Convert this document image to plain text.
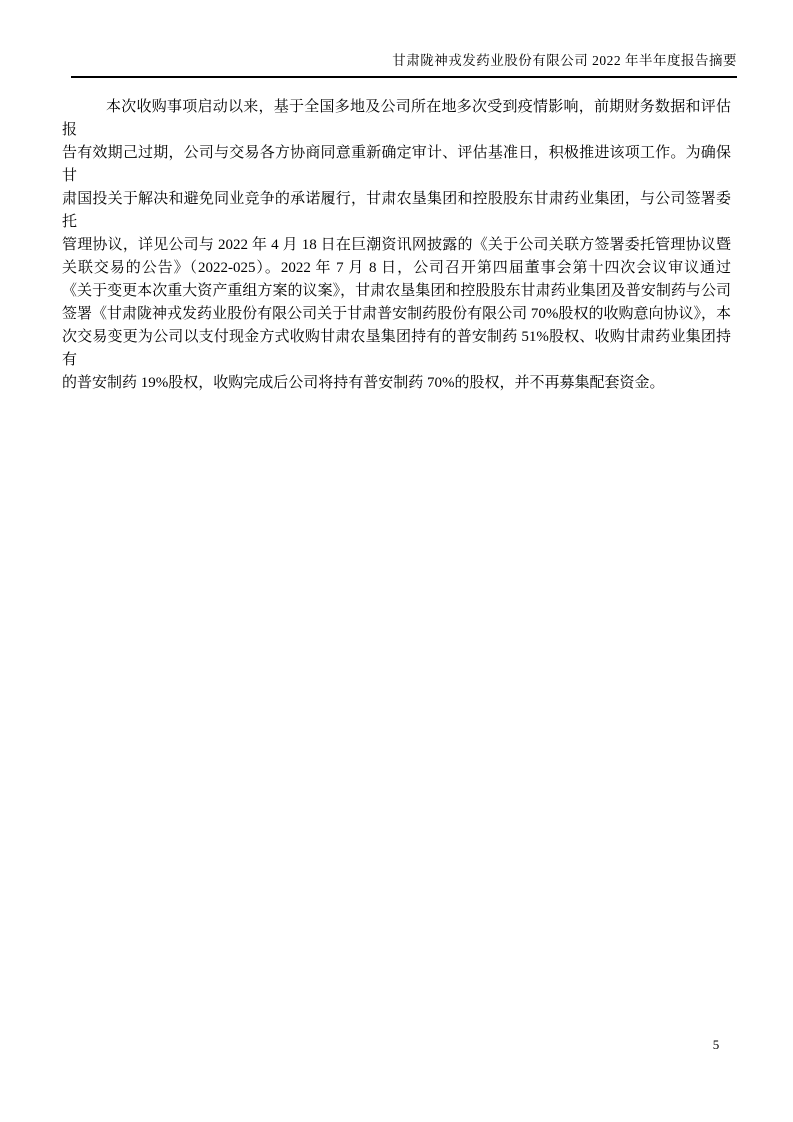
甘肃陇神戎发药业股份有限公司 2022 年半年度报告摘要
本次收购事项启动以来，基于全国多地及公司所在地多次受到疫情影响，前期财务数据和评估报
告有效期己过期，公司与交易各方协商同意重新确定审计、评估基准日，积极推进该项工作。为确保甘
肃国投关于解决和避免同业竞争的承诺履行，甘肃农垦集团和控股股东甘肃药业集团，与公司签署委托
管理协议，详见公司与 2022 年 4 月 18 日在巨潮资讯网披露的《关于公司关联方签署委托管理协议暨
关联交易的公告》（2022-025）。2022 年 7 月 8 日，公司召开第四届董事会第十四次会议审议通过
《关于变更本次重大资产重组方案的议案》，甘肃农垦集团和控股股东甘肃药业集团及普安制药与公司
签署《甘肃陇神戎发药业股份有限公司关于甘肃普安制药股份有限公司 70%股权的收购意向协议》，本
次交易变更为公司以支付现金方式收购甘肃农垦集团持有的普安制药 51%股权、收购甘肃药业集团持有
的普安制药 19%股权，收购完成后公司将持有普安制药 70%的股权，并不再募集配套资金。
5
